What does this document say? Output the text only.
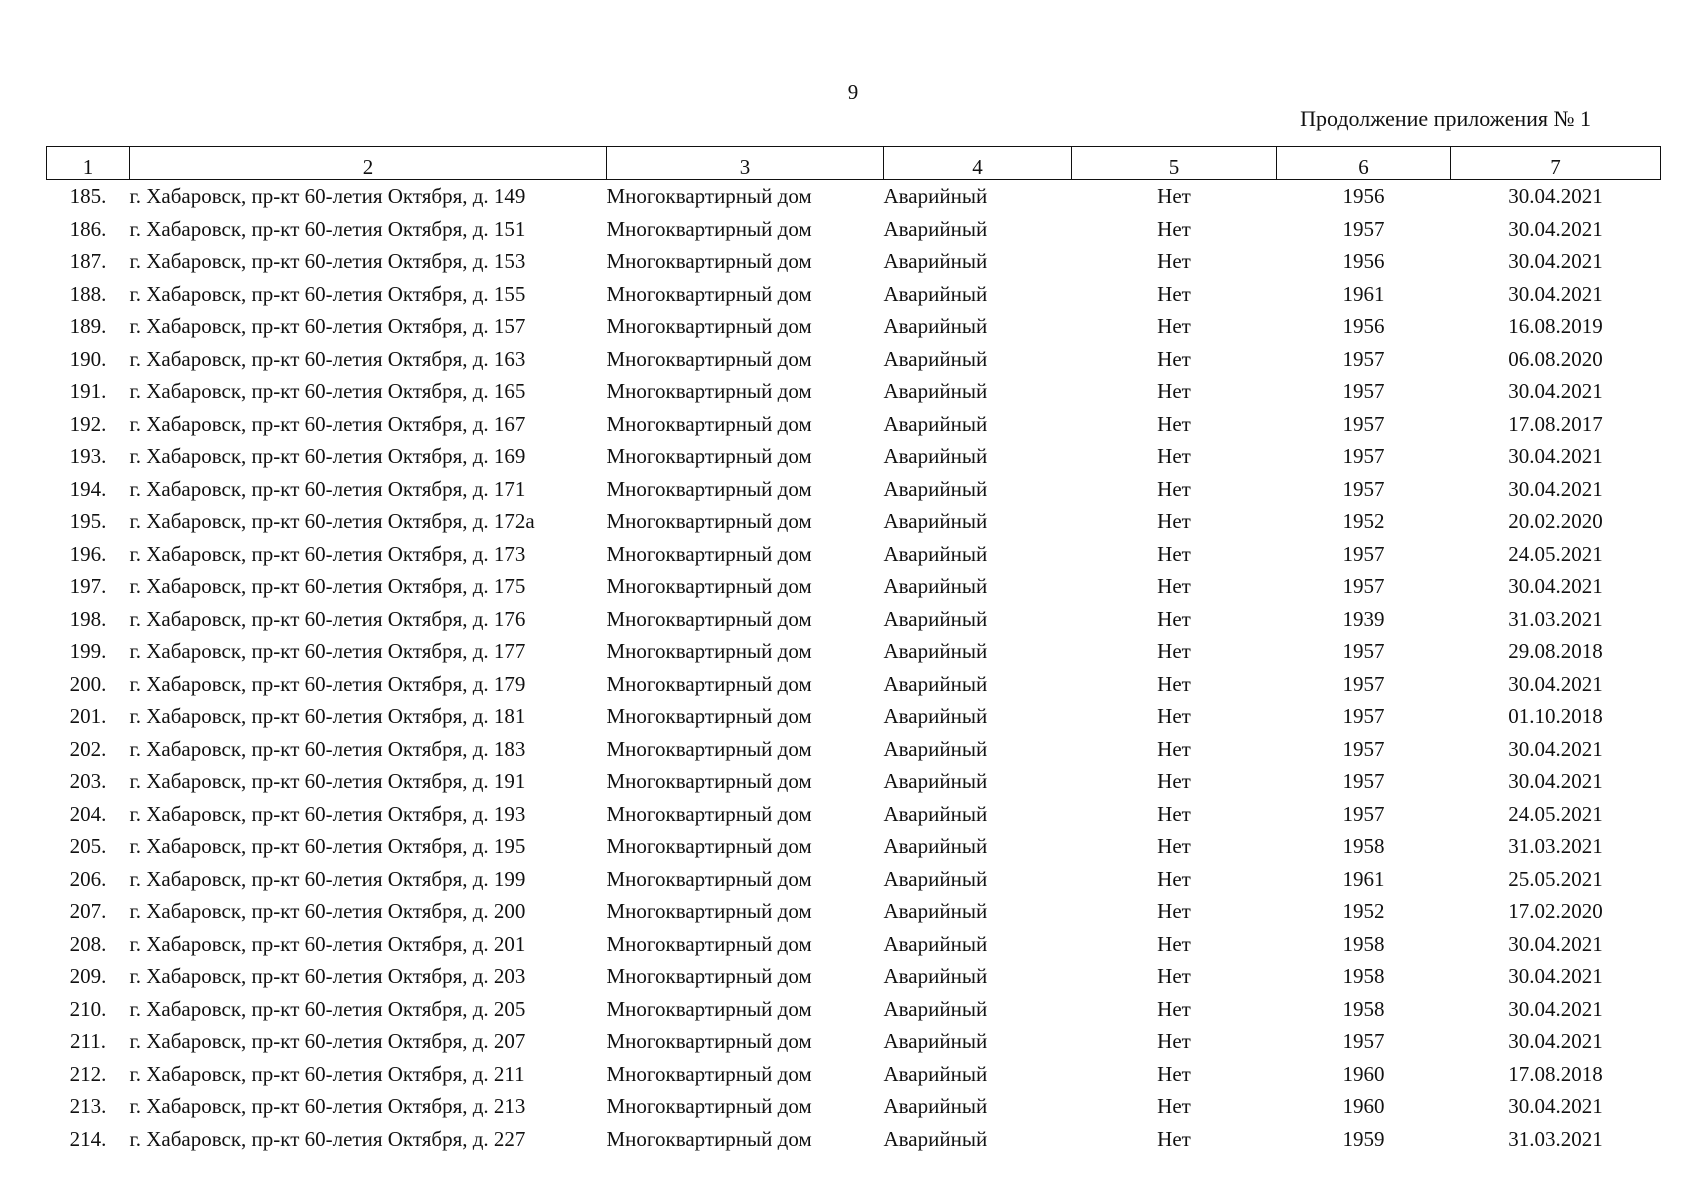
9
Продолжение приложения № 1
1	2	3	4	5	6	7
185.	г. Хабаровск, пр-кт 60-летия Октября, д. 149	Многоквартирный дом	Аварийный	Нет	1956	30.04.2021
186.	г. Хабаровск, пр-кт 60-летия Октября, д. 151	Многоквартирный дом	Аварийный	Нет	1957	30.04.2021
187.	г. Хабаровск, пр-кт 60-летия Октября, д. 153	Многоквартирный дом	Аварийный	Нет	1956	30.04.2021
188.	г. Хабаровск, пр-кт 60-летия Октября, д. 155	Многоквартирный дом	Аварийный	Нет	1961	30.04.2021
189.	г. Хабаровск, пр-кт 60-летия Октября, д. 157	Многоквартирный дом	Аварийный	Нет	1956	16.08.2019
190.	г. Хабаровск, пр-кт 60-летия Октября, д. 163	Многоквартирный дом	Аварийный	Нет	1957	06.08.2020
191.	г. Хабаровск, пр-кт 60-летия Октября, д. 165	Многоквартирный дом	Аварийный	Нет	1957	30.04.2021
192.	г. Хабаровск, пр-кт 60-летия Октября, д. 167	Многоквартирный дом	Аварийный	Нет	1957	17.08.2017
193.	г. Хабаровск, пр-кт 60-летия Октября, д. 169	Многоквартирный дом	Аварийный	Нет	1957	30.04.2021
194.	г. Хабаровск, пр-кт 60-летия Октября, д. 171	Многоквартирный дом	Аварийный	Нет	1957	30.04.2021
195.	г. Хабаровск, пр-кт 60-летия Октября, д. 172а	Многоквартирный дом	Аварийный	Нет	1952	20.02.2020
196.	г. Хабаровск, пр-кт 60-летия Октября, д. 173	Многоквартирный дом	Аварийный	Нет	1957	24.05.2021
197.	г. Хабаровск, пр-кт 60-летия Октября, д. 175	Многоквартирный дом	Аварийный	Нет	1957	30.04.2021
198.	г. Хабаровск, пр-кт 60-летия Октября, д. 176	Многоквартирный дом	Аварийный	Нет	1939	31.03.2021
199.	г. Хабаровск, пр-кт 60-летия Октября, д. 177	Многоквартирный дом	Аварийный	Нет	1957	29.08.2018
200.	г. Хабаровск, пр-кт 60-летия Октября, д. 179	Многоквартирный дом	Аварийный	Нет	1957	30.04.2021
201.	г. Хабаровск, пр-кт 60-летия Октября, д. 181	Многоквартирный дом	Аварийный	Нет	1957	01.10.2018
202.	г. Хабаровск, пр-кт 60-летия Октября, д. 183	Многоквартирный дом	Аварийный	Нет	1957	30.04.2021
203.	г. Хабаровск, пр-кт 60-летия Октября, д. 191	Многоквартирный дом	Аварийный	Нет	1957	30.04.2021
204.	г. Хабаровск, пр-кт 60-летия Октября, д. 193	Многоквартирный дом	Аварийный	Нет	1957	24.05.2021
205.	г. Хабаровск, пр-кт 60-летия Октября, д. 195	Многоквартирный дом	Аварийный	Нет	1958	31.03.2021
206.	г. Хабаровск, пр-кт 60-летия Октября, д. 199	Многоквартирный дом	Аварийный	Нет	1961	25.05.2021
207.	г. Хабаровск, пр-кт 60-летия Октября, д. 200	Многоквартирный дом	Аварийный	Нет	1952	17.02.2020
208.	г. Хабаровск, пр-кт 60-летия Октября, д. 201	Многоквартирный дом	Аварийный	Нет	1958	30.04.2021
209.	г. Хабаровск, пр-кт 60-летия Октября, д. 203	Многоквартирный дом	Аварийный	Нет	1958	30.04.2021
210.	г. Хабаровск, пр-кт 60-летия Октября, д. 205	Многоквартирный дом	Аварийный	Нет	1958	30.04.2021
211.	г. Хабаровск, пр-кт 60-летия Октября, д. 207	Многоквартирный дом	Аварийный	Нет	1957	30.04.2021
212.	г. Хабаровск, пр-кт 60-летия Октября, д. 211	Многоквартирный дом	Аварийный	Нет	1960	17.08.2018
213.	г. Хабаровск, пр-кт 60-летия Октября, д. 213	Многоквартирный дом	Аварийный	Нет	1960	30.04.2021
214.	г. Хабаровск, пр-кт 60-летия Октября, д. 227	Многоквартирный дом	Аварийный	Нет	1959	31.03.2021
